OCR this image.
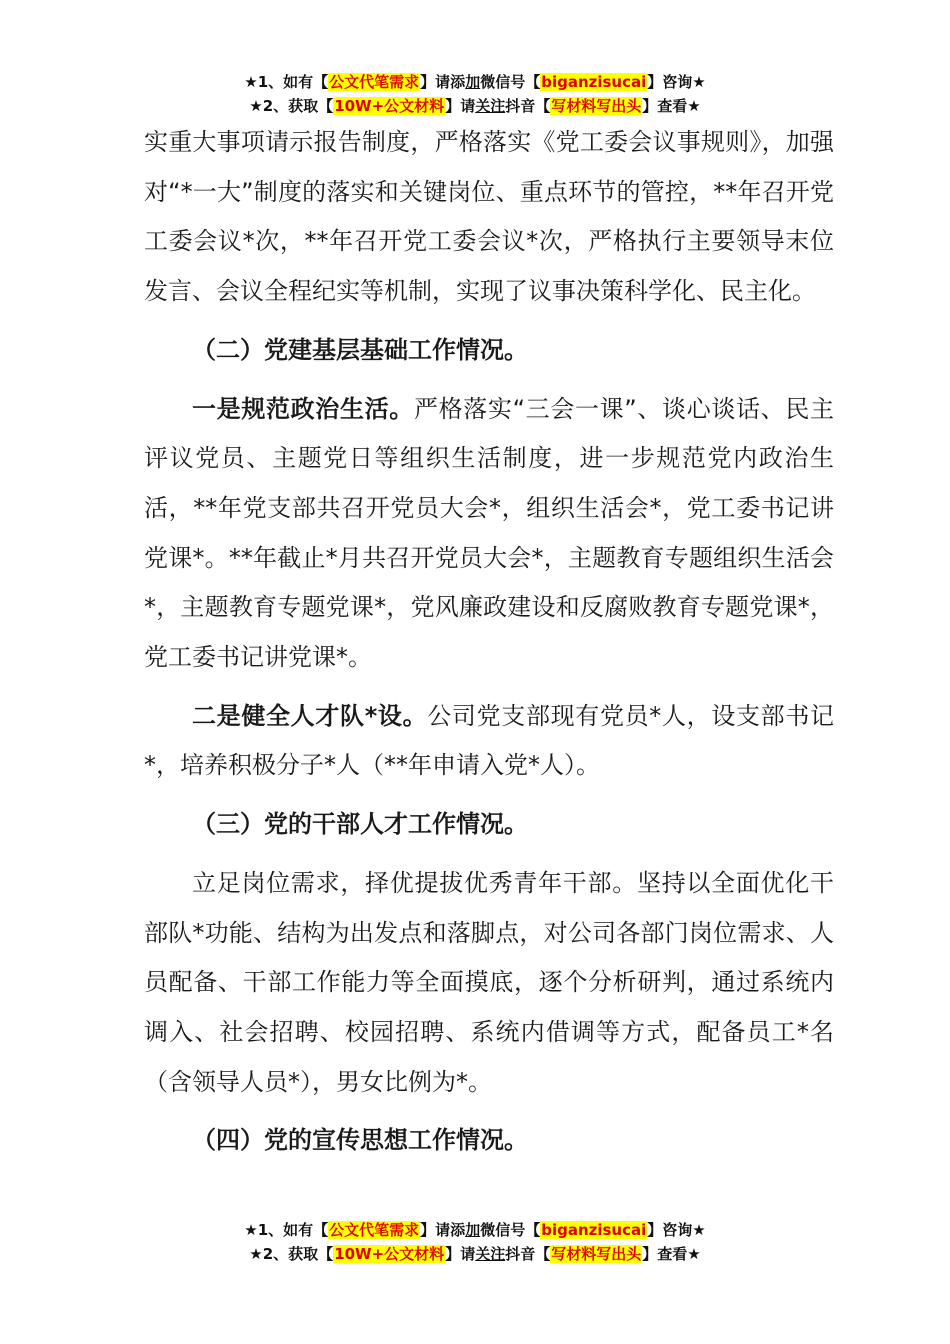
★1、如有【公文代笔需求】请添加微信号【biganzisucai】咨询★
★2、获取【10W+公文材料】请关注抖音【写材料写出头】查看★

实重大事项请示报告制度，严格落实《党工委会议事规则》，加强对“*一大”制度的落实和关键岗位、重点环节的管控，**年召开党工委会议*次，**年召开党工委会议*次，严格执行主要领导末位发言、会议全程纪实等机制，实现了议事决策科学化、民主化。

（二）党建基层基础工作情况。

一是规范政治生活。严格落实“三会一课”、谈心谈话、民主评议党员、主题党日等组织生活制度，进一步规范党内政治生活，**年党支部共召开党员大会*，组织生活会*，党工委书记讲党课*。**年截止*月共召开党员大会*，主题教育专题组织生活会*，主题教育专题党课*，党风廉政建设和反腐败教育专题党课*，党工委书记讲党课*。

二是健全人才队*设。公司党支部现有党员*人，设支部书记*，培养积极分子*人（**年申请入党*人）。

（三）党的干部人才工作情况。

立足岗位需求，择优提拔优秀青年干部。坚持以全面优化干部队*功能、结构为出发点和落脚点，对公司各部门岗位需求、人员配备、干部工作能力等全面摸底，逐个分析研判，通过系统内调入、社会招聘、校园招聘、系统内借调等方式，配备员工*名（含领导人员*），男女比例为*。

（四）党的宣传思想工作情况。

★1、如有【公文代笔需求】请添加微信号【biganzisucai】咨询★
★2、获取【10W+公文材料】请关注抖音【写材料写出头】查看★
